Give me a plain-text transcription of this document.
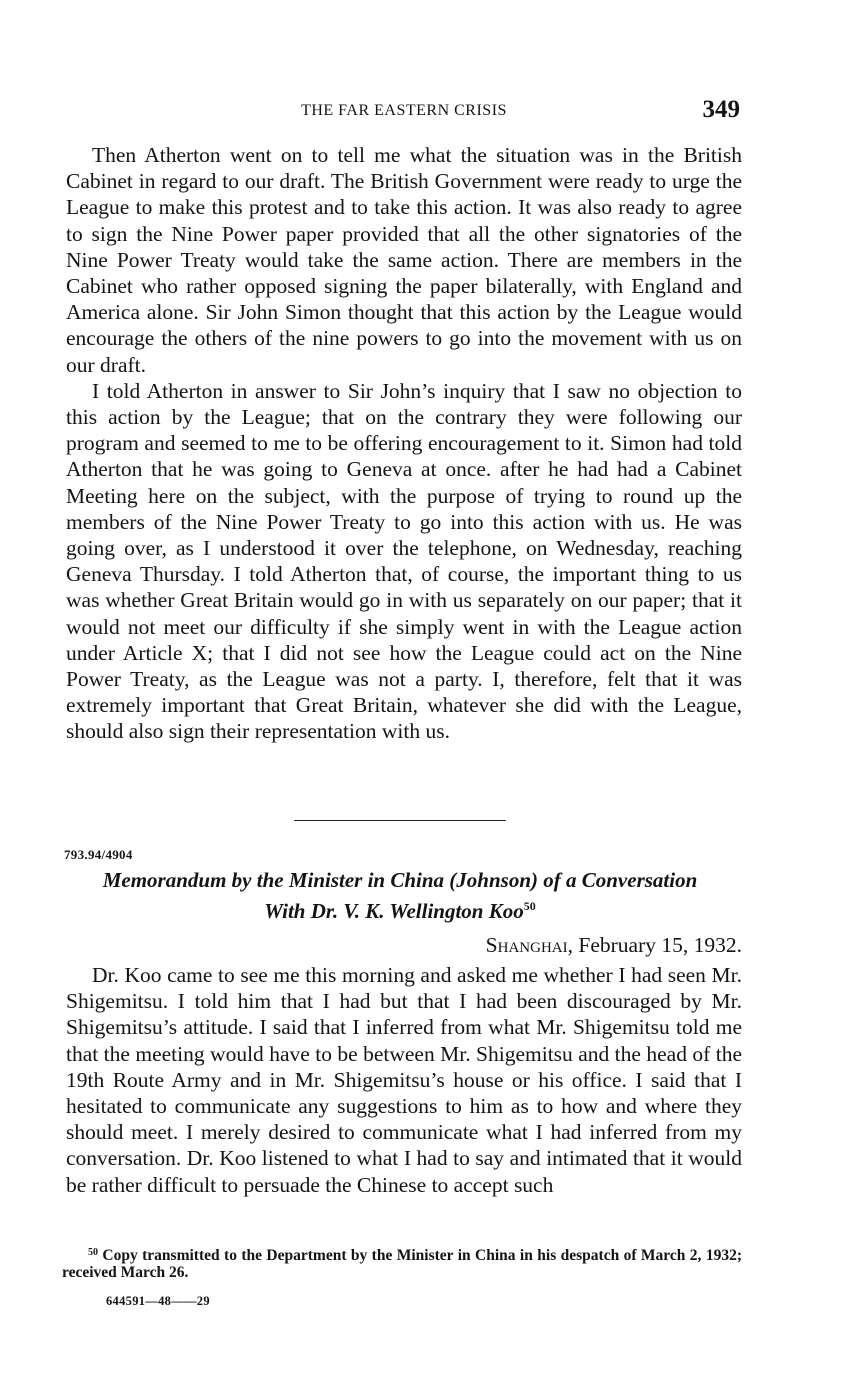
THE FAR EASTERN CRISIS	349

Then Atherton went on to tell me what the situation was in the British Cabinet in regard to our draft. The British Government were ready to urge the League to make this protest and to take this action. It was also ready to agree to sign the Nine Power paper provided that all the other signatories of the Nine Power Treaty would take the same action. There are members in the Cabinet who rather opposed signing the paper bilaterally, with England and America alone. Sir John Simon thought that this action by the League would encourage the others of the nine powers to go into the movement with us on our draft.

I told Atherton in answer to Sir John’s inquiry that I saw no objection to this action by the League; that on the contrary they were following our program and seemed to me to be offering encouragement to it. Simon had told Atherton that he was going to Geneva at once. after he had had a Cabinet Meeting here on the subject, with the purpose of trying to round up the members of the Nine Power Treaty to go into this action with us. He was going over, as I understood it over the telephone, on Wednesday, reaching Geneva Thursday. I told Atherton that, of course, the important thing to us was whether Great Britain would go in with us separately on our paper; that it would not meet our difficulty if she simply went in with the League action under Article X; that I did not see how the League could act on the Nine Power Treaty, as the League was not a party. I, therefore, felt that it was extremely important that Great Britain, whatever she did with the League, should also sign their representation with us.

793.94/4904
Memorandum by the Minister in China (Johnson) of a Conversation
With Dr. V. K. Wellington Koo$^{50}$
Shanghai, February 15, 1932.

Dr. Koo came to see me this morning and asked me whether I had seen Mr. Shigemitsu. I told him that I had but that I had been discouraged by Mr. Shigemitsu’s attitude. I said that I inferred from what Mr. Shigemitsu told me that the meeting would have to be between Mr. Shigemitsu and the head of the 19th Route Army and in Mr. Shigemitsu’s house or his office. I said that I hesitated to communicate any suggestions to him as to how and where they should meet. I merely desired to communicate what I had inferred from my conversation. Dr. Koo listened to what I had to say and intimated that it would be rather difficult to persuade the Chinese to accept such

$^{50}$ Copy transmitted to the Department by the Minister in China in his despatch of March 2, 1932; received March 26.

644591—48——29
